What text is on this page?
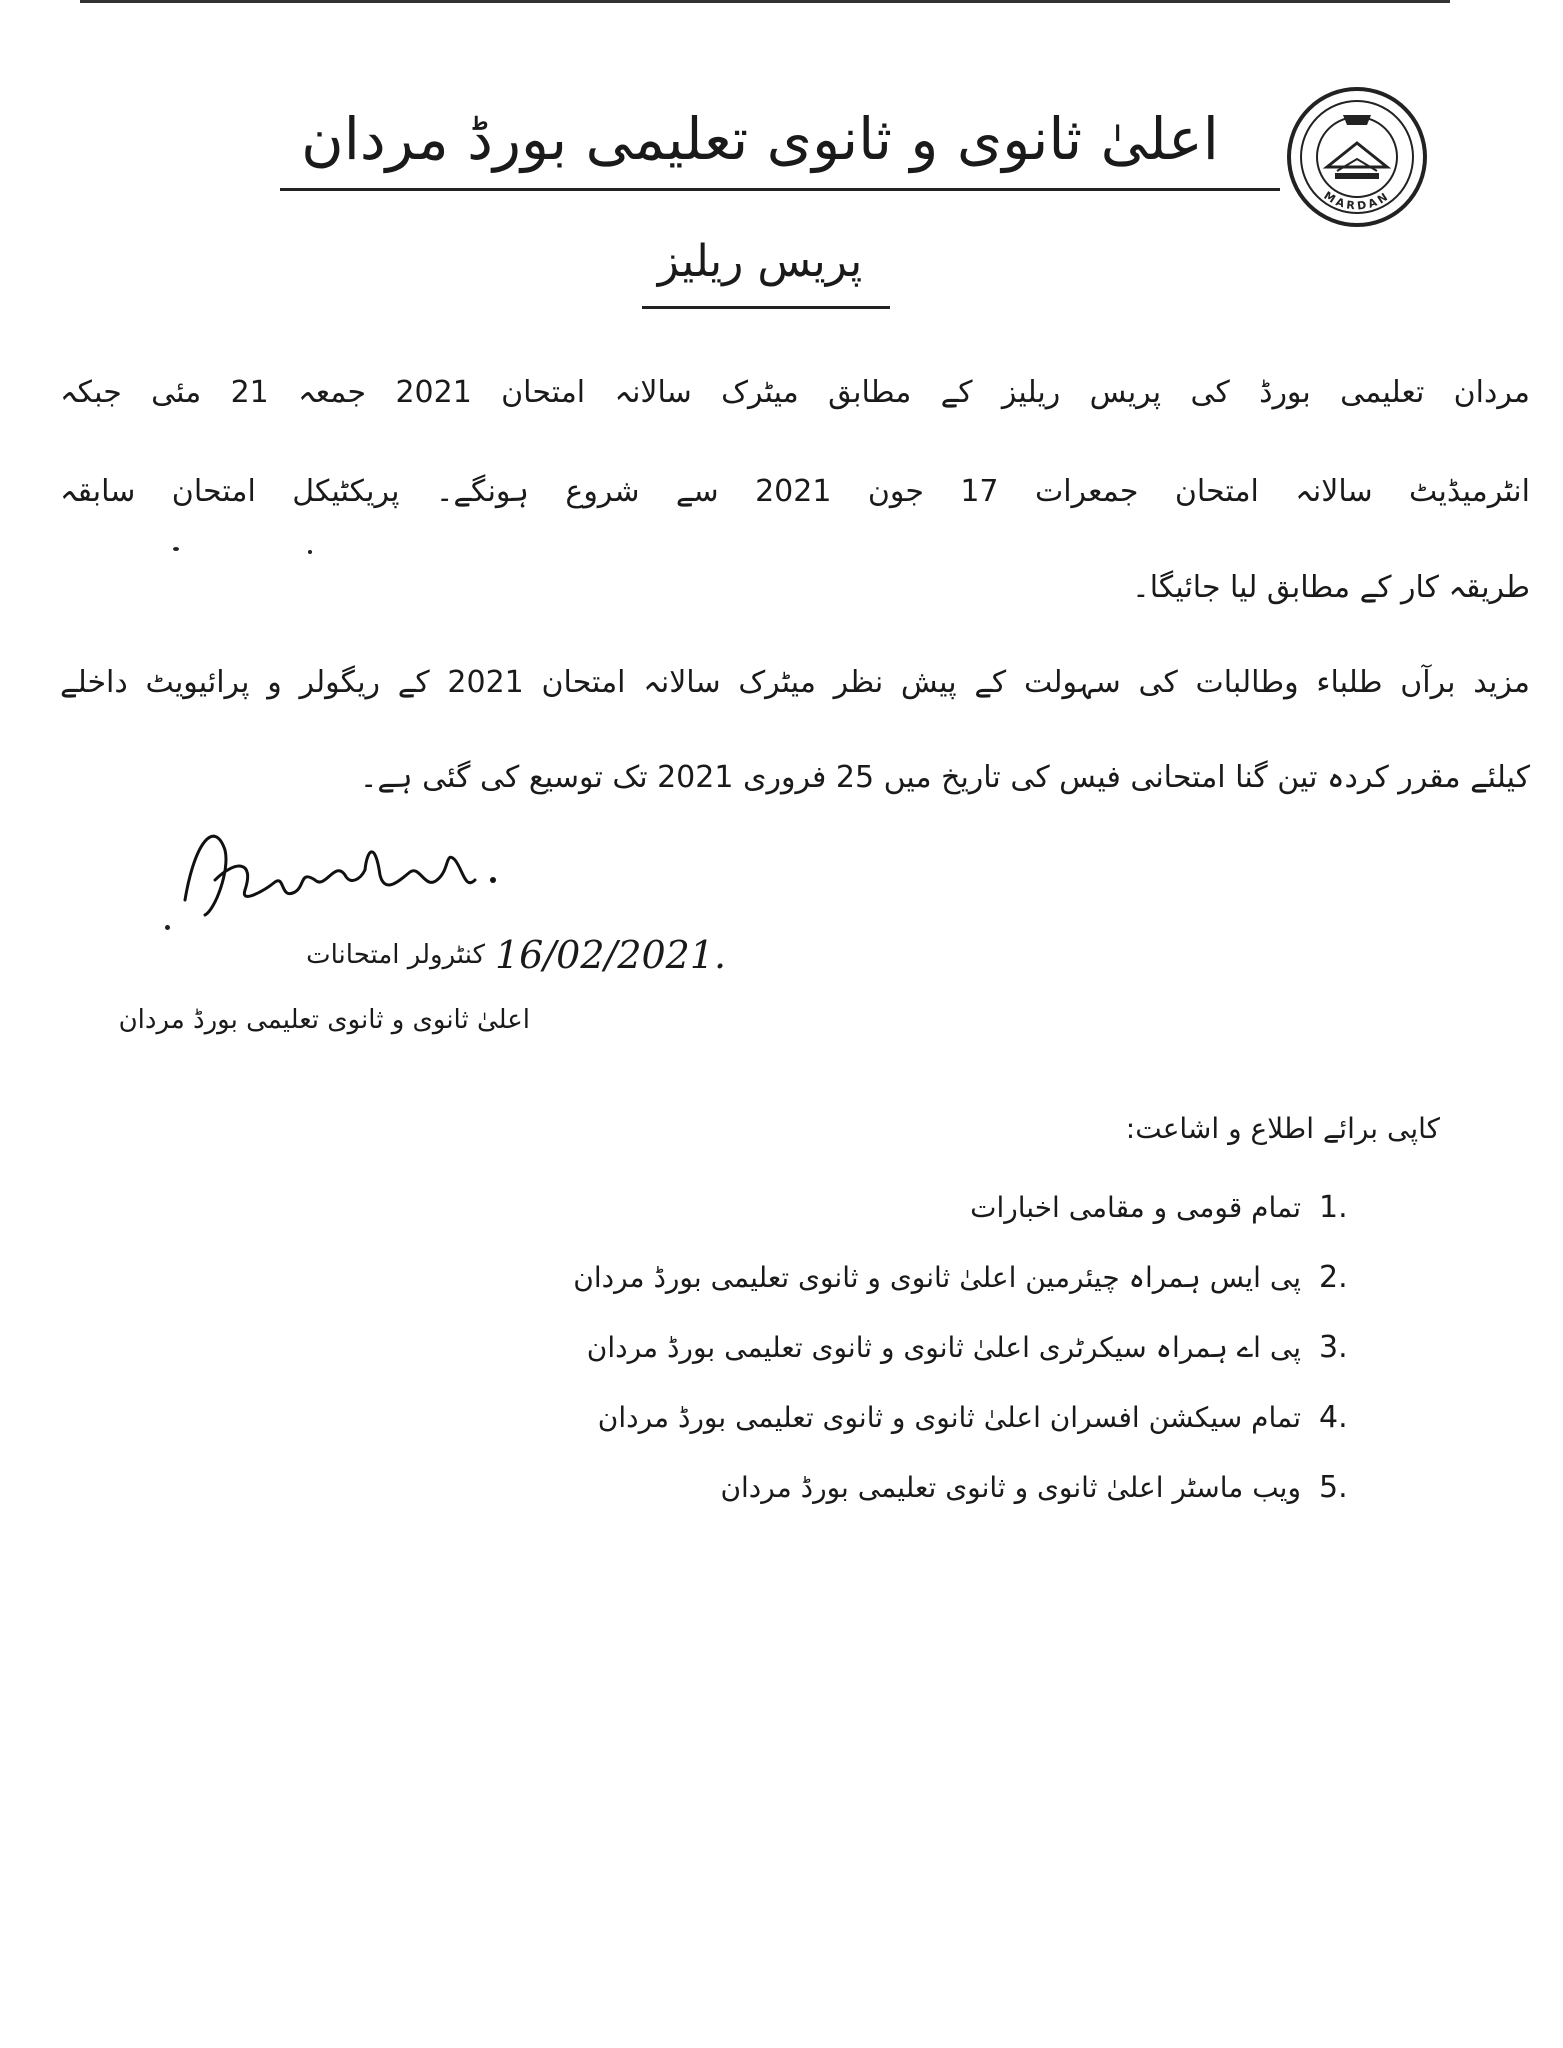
MARDAN
اعلیٰ ثانوی و ثانوی تعلیمی بورڈ مردان
پریس ریلیز
مردان تعلیمی بورڈ کی پریس ریلیز کے مطابق میٹرک سالانہ امتحان 2021 جمعہ 21 مئی جبکہ
انٹرمیڈیٹ سالانہ امتحان جمعرات 17 جون 2021 سے شروع ہونگے۔ پریکٹیکل امتحان سابقہ
طریقہ کار کے مطابق لیا جائیگا۔
مزید برآں طلباء وطالبات کی سہولت کے پیش نظر میٹرک سالانہ امتحان 2021 کے ریگولر و پرائیویٹ داخلے
کیلئے مقرر کردہ تین گنا امتحانی فیس کی تاریخ میں 25 فروری 2021 تک توسیع کی گئی ہے۔
16/02/2021.
کنٹرولر امتحانات
اعلیٰ ثانوی و ثانوی تعلیمی بورڈ مردان
کاپی برائے اطلاع و اشاعت:
1.
تمام قومی و مقامی اخبارات
2.
پی ایس ہمراہ چیئرمین اعلیٰ ثانوی و ثانوی تعلیمی بورڈ مردان
3.
پی اے ہمراہ سیکرٹری اعلیٰ ثانوی و ثانوی تعلیمی بورڈ مردان
4.
تمام سیکشن افسران اعلیٰ ثانوی و ثانوی تعلیمی بورڈ مردان
5.
ویب ماسٹر اعلیٰ ثانوی و ثانوی تعلیمی بورڈ مردان
